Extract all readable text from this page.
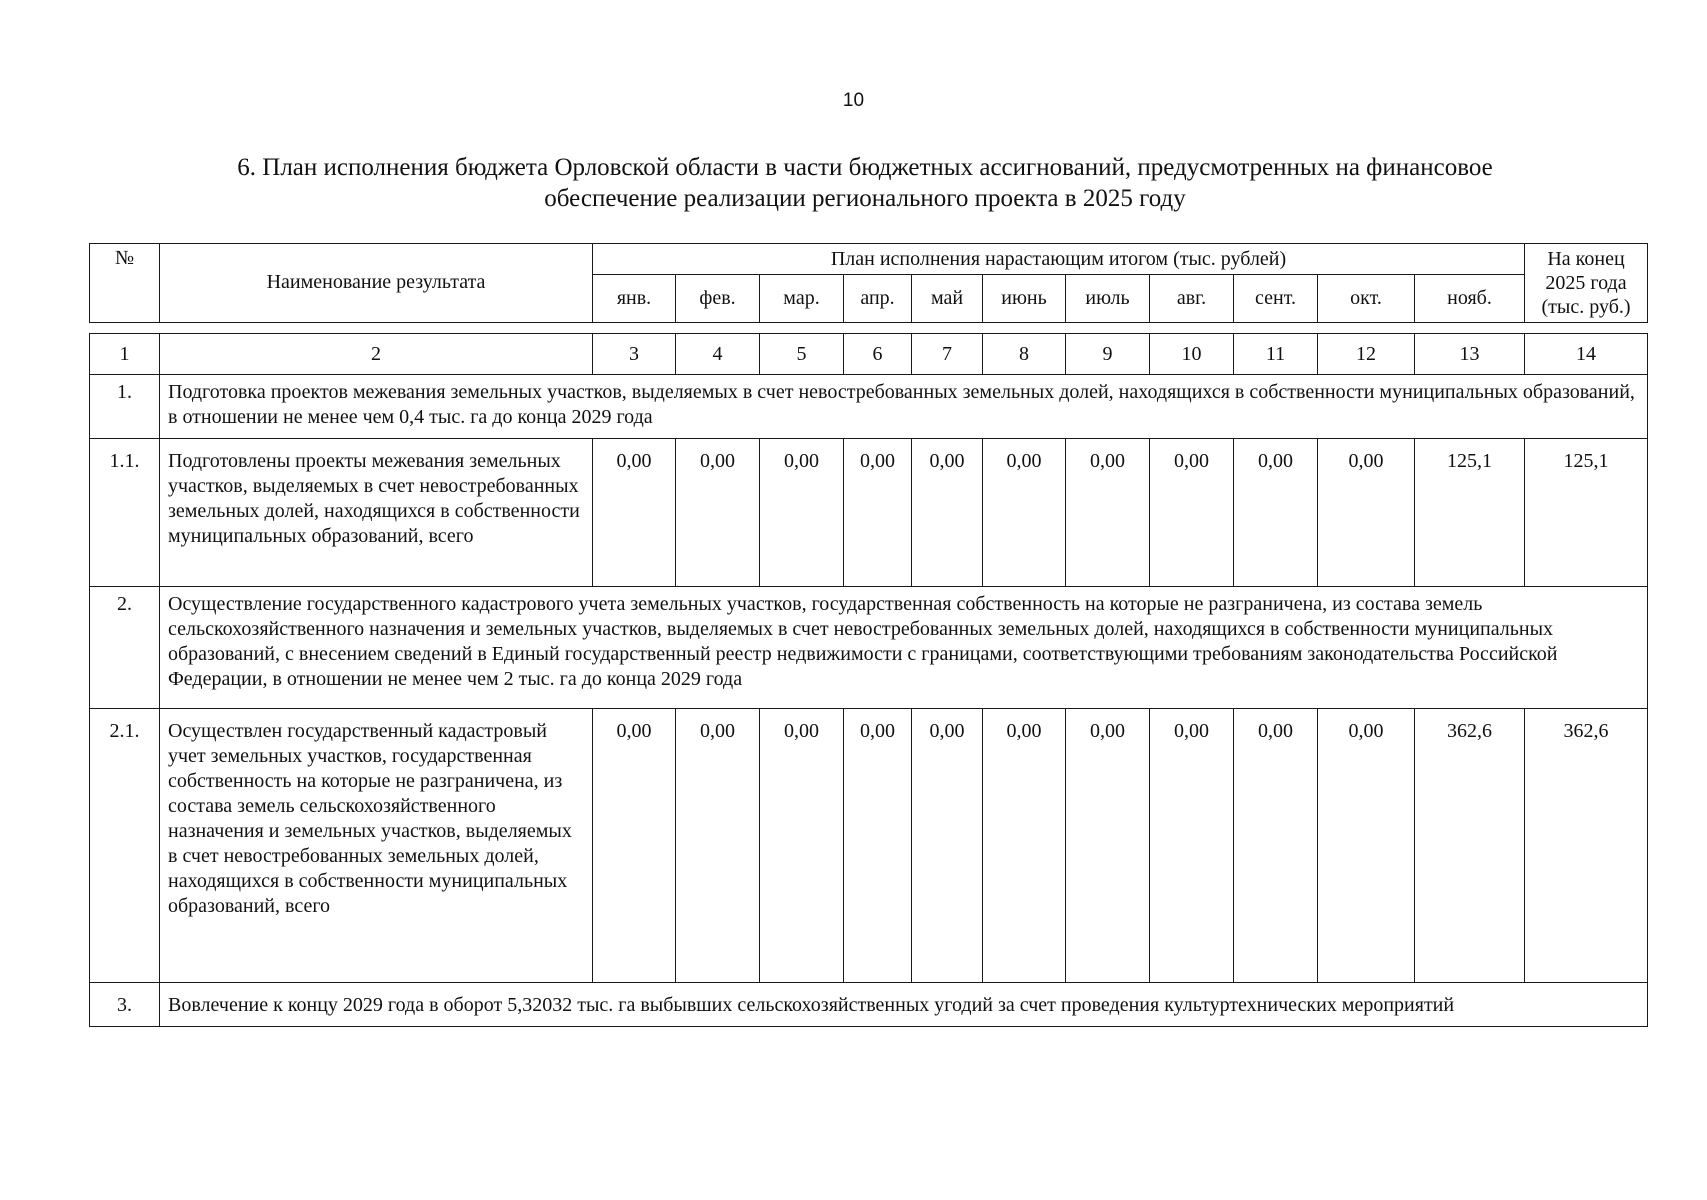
10
6. План исполнения бюджета Орловской области в части бюджетных ассигнований, предусмотренных на финансовое
обеспечение реализации регионального проекта в 2025 году
№	Наименование результата	План исполнения нарастающим итогом (тыс. рублей)											На конец
2025 года
(тыс. руб.)

		янв.	фев.	мар.	апр.	май	июнь	июль	авг.	сент.	окт.	нояб.	
1	2	3	4	5	6	7	8	9	10	11	12	13	14
1.	Подготовка проектов межевания земельных участков, выделяемых в счет невостребованных земельных долей, находящихся в собственности муниципальных образований, в отношении не менее чем 0,4 тыс. га до конца 2029 года												
1.1.	Подготовлены проекты межевания земельных участков, выделяемых в счет невостребованных земельных долей, находящихся в собственности муниципальных образований, всего	0,00	0,00	0,00	0,00	0,00	0,00	0,00	0,00	0,00	0,00	125,1	125,1
2.	Осуществление государственного кадастрового учета земельных участков, государственная собственность на которые не разграничена, из состава земель сельскохозяйственного назначения и земельных участков, выделяемых в счет невостребованных земельных долей, находящихся в собственности муниципальных образований, с внесением сведений в Единый государственный реестр недвижимости с границами, соответствующими требованиям законодательства Российской Федерации, в отношении не менее чем 2 тыс. га до конца 2029 года												
2.1.	Осуществлен государственный кадастровый учет земельных участков, государственная собственность на которые не разграничена, из состава земель сельскохозяйственного назначения и земельных участков, выделяемых в счет невостребованных земельных долей, находящихся в собственности муниципальных образований, всего	0,00	0,00	0,00	0,00	0,00	0,00	0,00	0,00	0,00	0,00	362,6	362,6
3.	Вовлечение к концу 2029 года в оборот 5,32032 тыс. га выбывших сельскохозяйственных угодий за счет проведения культуртехнических мероприятий												
